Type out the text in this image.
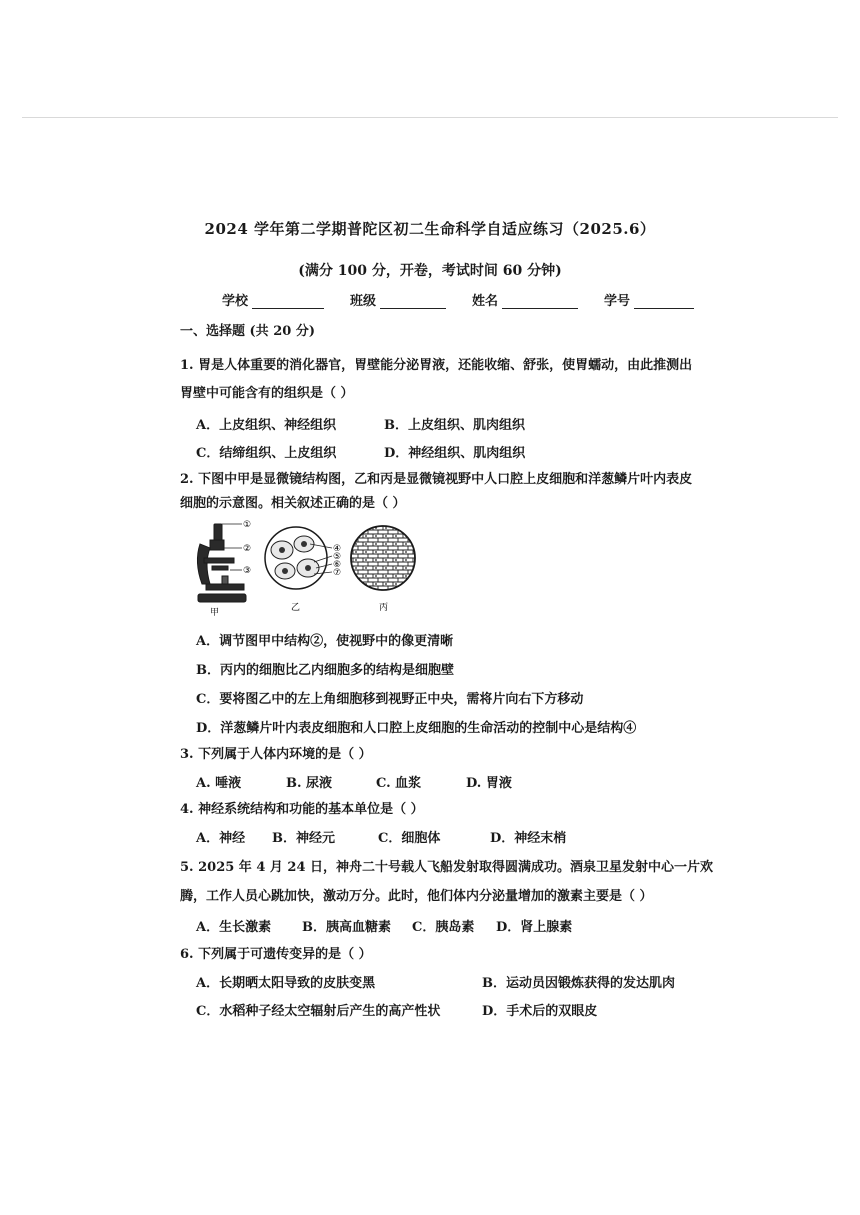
2024 学年第二学期普陀区初二生命科学自适应练习（2025.6）
(满分 100 分，开卷，考试时间 60 分钟)
学校	班级	姓名	学号
一、选择题 (共 20 分)
1. 胃是人体重要的消化器官，胃壁能分泌胃液，还能收缩、舒张，使胃蠕动，由此推测出
胃壁中可能含有的组织是（ ）
A．上皮组织、神经组织	B．上皮组织、肌肉组织
C．结缔组织、上皮组织	D．神经组织、肌肉组织
2. 下图中甲是显微镜结构图，乙和丙是显微镜视野中人口腔上皮细胞和洋葱鳞片叶内表皮
细胞的示意图。相关叙述正确的是（ ）
①
②
③
④
⑤
⑥
⑦
甲	乙	丙
A．调节图甲中结构②，使视野中的像更清晰
B．丙内的细胞比乙内细胞多的结构是细胞壁
C．要将图乙中的左上角细胞移到视野正中央，需将片向右下方移动
D．洋葱鳞片叶内表皮细胞和人口腔上皮细胞的生命活动的控制中心是结构④
3. 下列属于人体内环境的是（ ）
A. 唾液	B. 尿液	C. 血浆	D. 胃液
4. 神经系统结构和功能的基本单位是（ ）
A．神经 B．神经元	C．细胞体	D．神经末梢
5. 2025 年 4 月 24 日，神舟二十号载人飞船发射取得圆满成功。酒泉卫星发射中心一片欢
腾，工作人员心跳加快，激动万分。此时，他们体内分泌量增加的激素主要是（ ）
A．生长激素 B．胰高血糖素 C．胰岛素 D．肾上腺素
6. 下列属于可遗传变异的是（ ）
A．长期晒太阳导致的皮肤变黑	B．运动员因锻炼获得的发达肌肉
C．水稻种子经太空辐射后产生的高产性状	D．手术后的双眼皮
